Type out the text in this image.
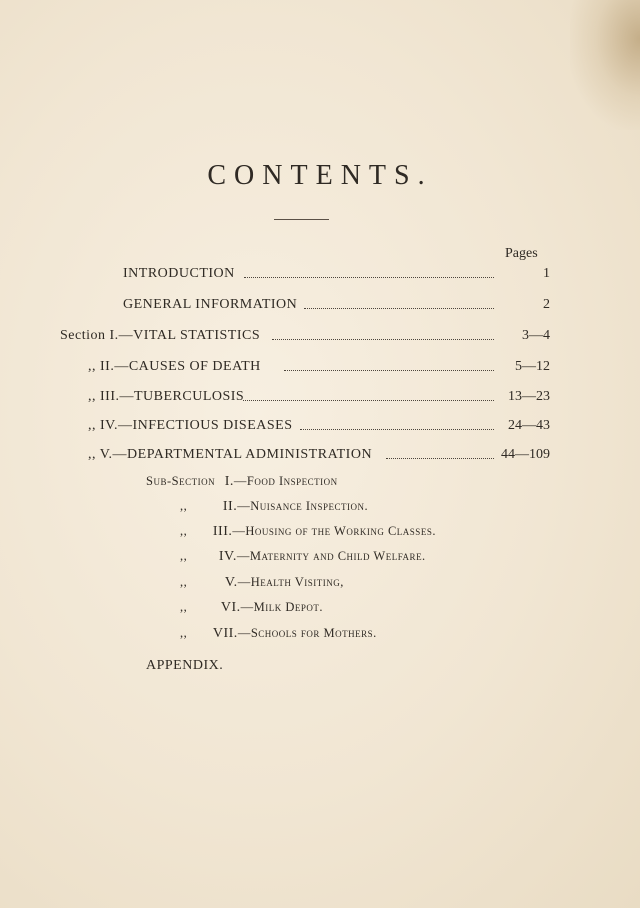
CONTENTS.
Pages
INTRODUCTION	1
GENERAL INFORMATION	2
Section I.—VITAL STATISTICS	3—4
,, II.—CAUSES OF DEATH	5—12
,, III.—TUBERCULOSIS	13—23
,, IV.—INFECTIOUS DISEASES	24—43
,, V.—DEPARTMENTAL ADMINISTRATION	44—109
Sub-Section I.—Food Inspection
,,	II.—Nuisance Inspection.
,, III.—Housing of the Working Classes.
,, IV.—Maternity and Child Welfare.
,,	V.—Health Visiting,
,, VI.—Milk Depot.
,, VII.—Schools for Mothers.
APPENDIX.
